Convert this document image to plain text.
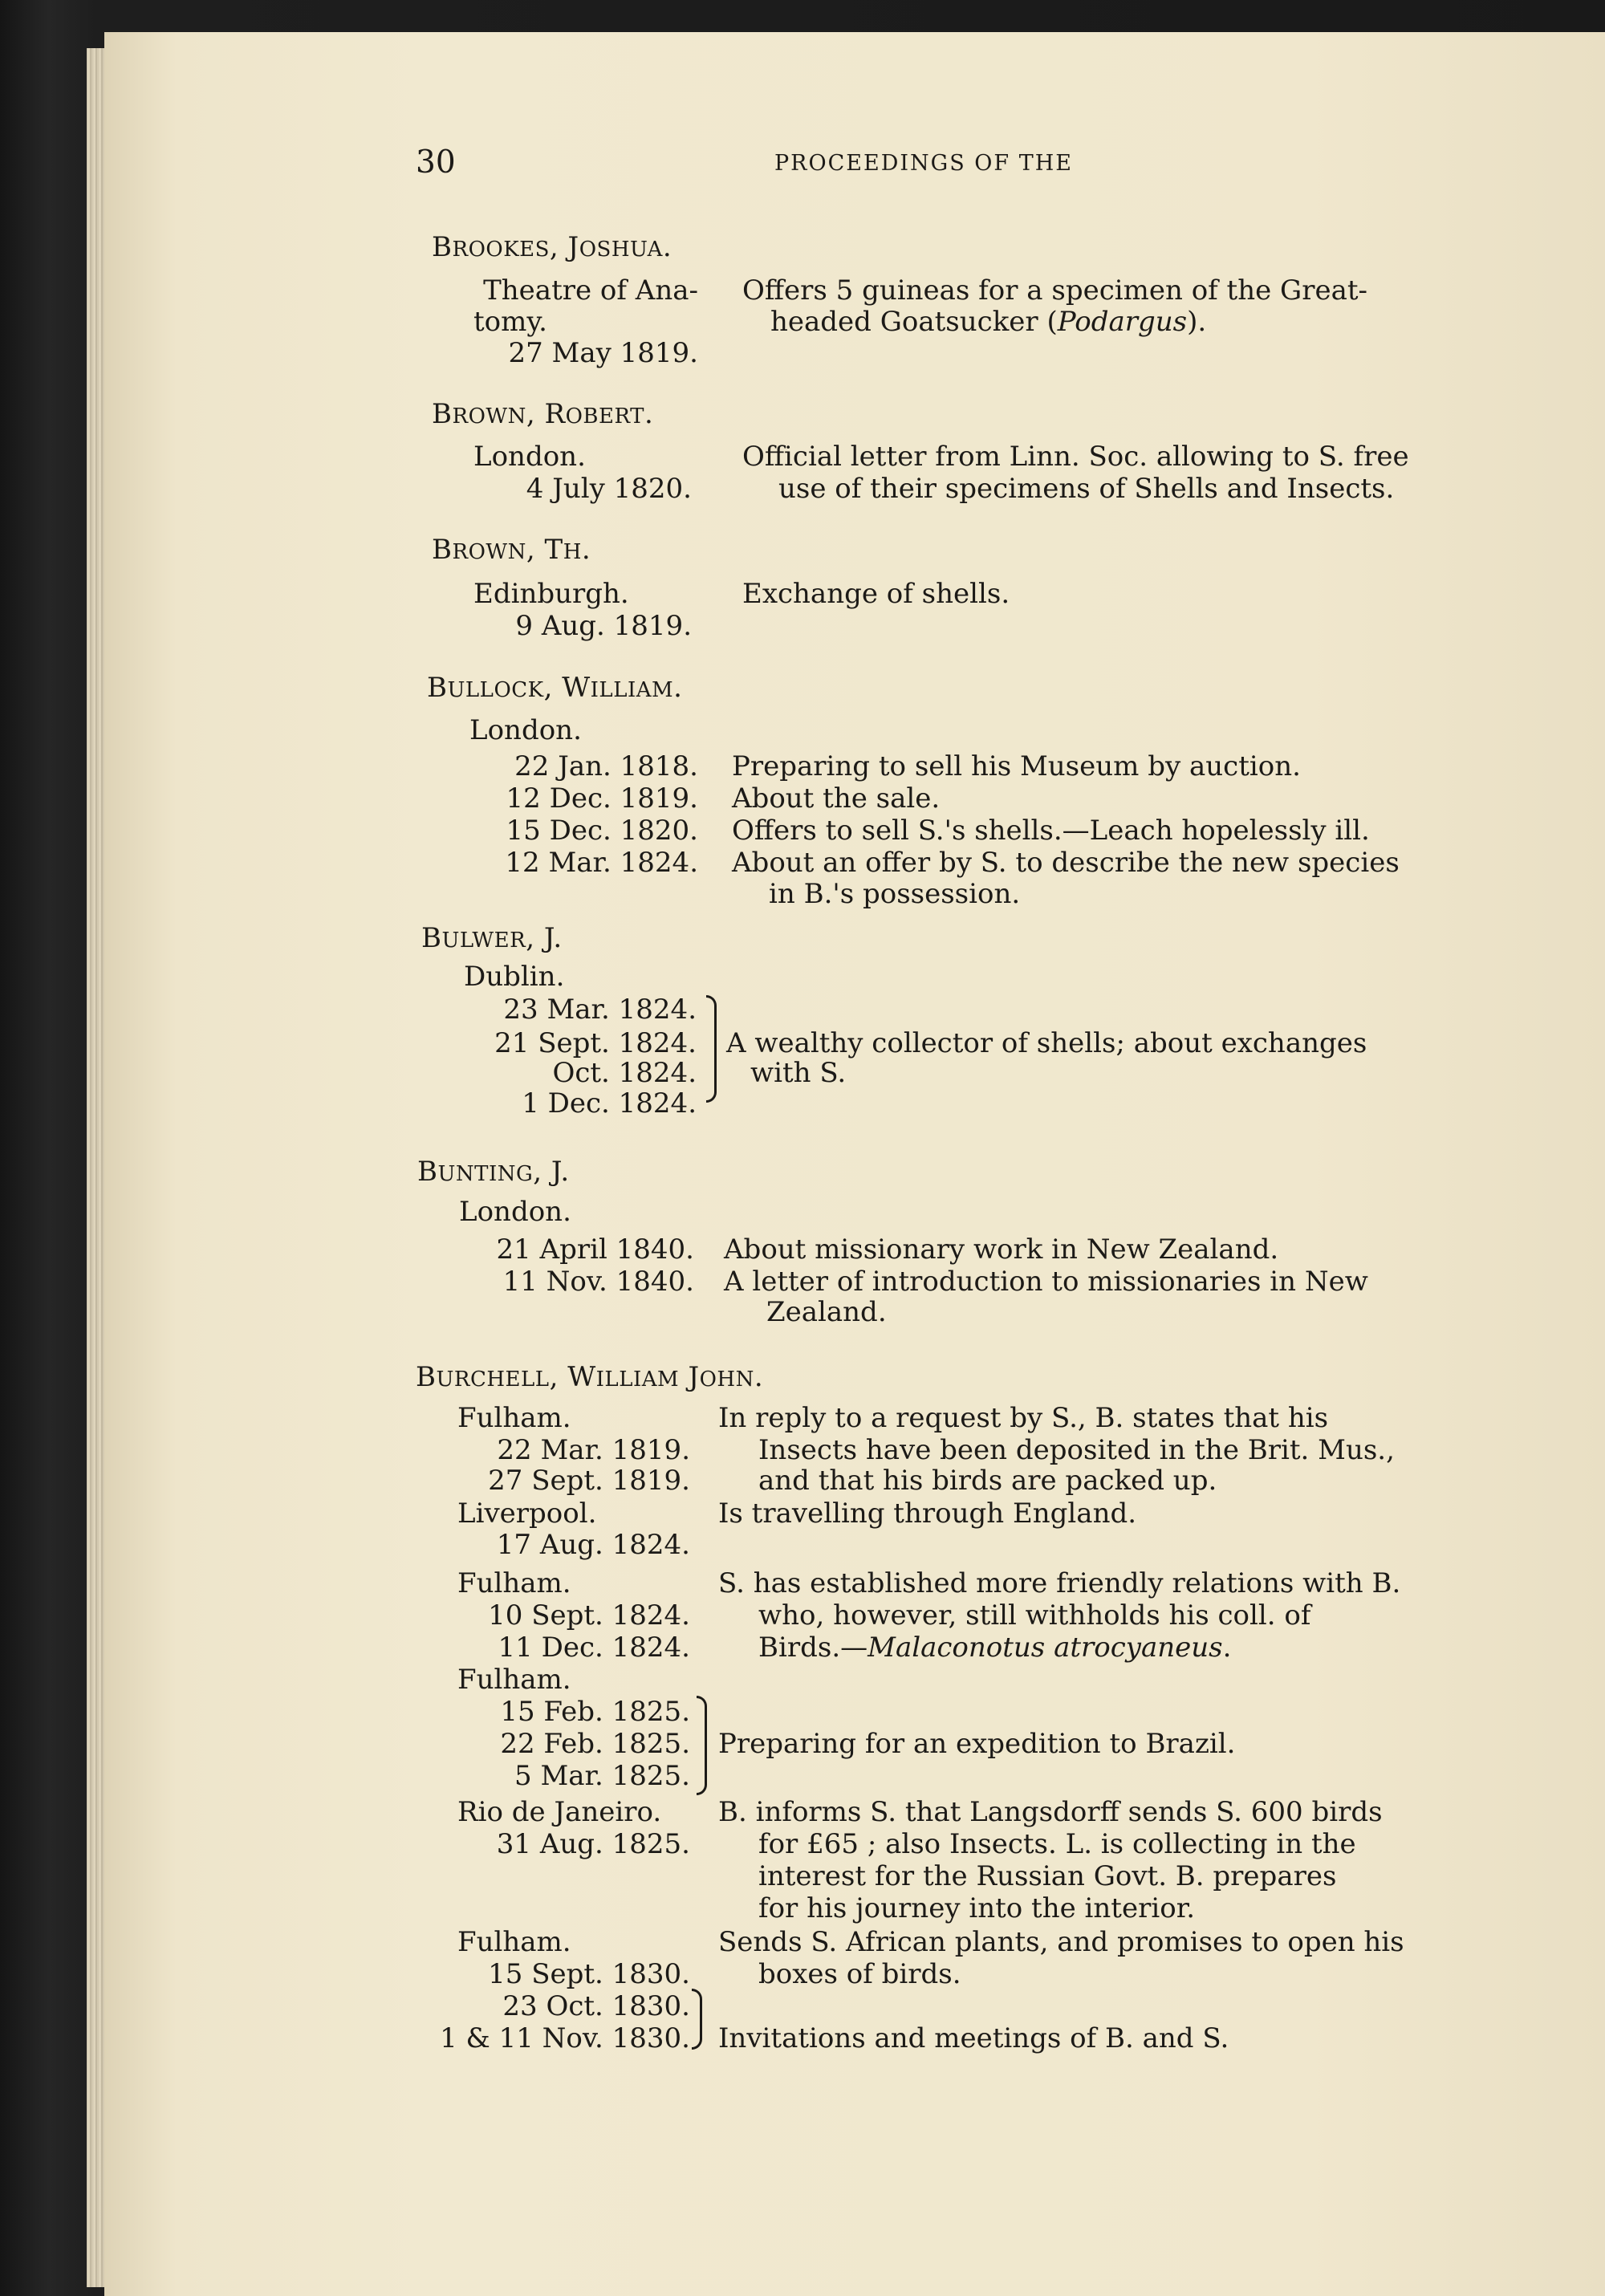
30	PROCEEDINGS OF THE
BROOKES, JOSHUA.
Theatre of Ana- Offers 5 guineas for a specimen of the Great-
tomy.	headed Goatsucker (Podargus).
27 May 1819.
BROWN, ROBERT.
London.	Official letter from Linn. Soc. allowing to S. free
4 July 1820.	use of their specimens of Shells and Insects.
BROWN, TH.
Edinburgh.	Exchange of shells.
9 Aug. 1819.
BULLOCK, WILLIAM.
London.
22 Jan. 1818. Preparing to sell his Museum by auction.
12 Dec. 1819. About the sale.
15 Dec. 1820. Offers to sell S.'s shells.—Leach hopelessly ill.
12 Mar. 1824. About an offer by S. to describe the new species
in B.'s possession.
BULWER, J.
Dublin.
23 Mar. 1824.
21 Sept. 1824. A wealthy collector of shells; about exchanges
Oct. 1824. with S.
1 Dec. 1824.
BUNTING, J.
London.
21 April 1840. About missionary work in New Zealand.
11 Nov. 1840. A letter of introduction to missionaries in New
Zealand.
BURCHELL, WILLIAM JOHN.
Fulham.	In reply to a request by S., B. states that his
22 Mar. 1819.	Insects have been deposited in the Brit. Mus.,
27 Sept. 1819.	and that his birds are packed up.
Liverpool.	Is travelling through England.
17 Aug. 1824.
Fulham.	S. has established more friendly relations with B.
10 Sept. 1824.	who, however, still withholds his coll. of
11 Dec. 1824.	Birds.—Malaconotus atrocyaneus.
Fulham.
15 Feb. 1825.
22 Feb. 1825. Preparing for an expedition to Brazil.
5 Mar. 1825.
Rio de Janeiro. B. informs S. that Langsdorff sends S. 600 birds
31 Aug. 1825.	for £65 ; also Insects. L. is collecting in the
interest for the Russian Govt. B. prepares
for his journey into the interior.
Fulham.	Sends S. African plants, and promises to open his
15 Sept. 1830.	boxes of birds.
23 Oct. 1830.
1 & 11 Nov. 1830. Invitations and meetings of B. and S.
